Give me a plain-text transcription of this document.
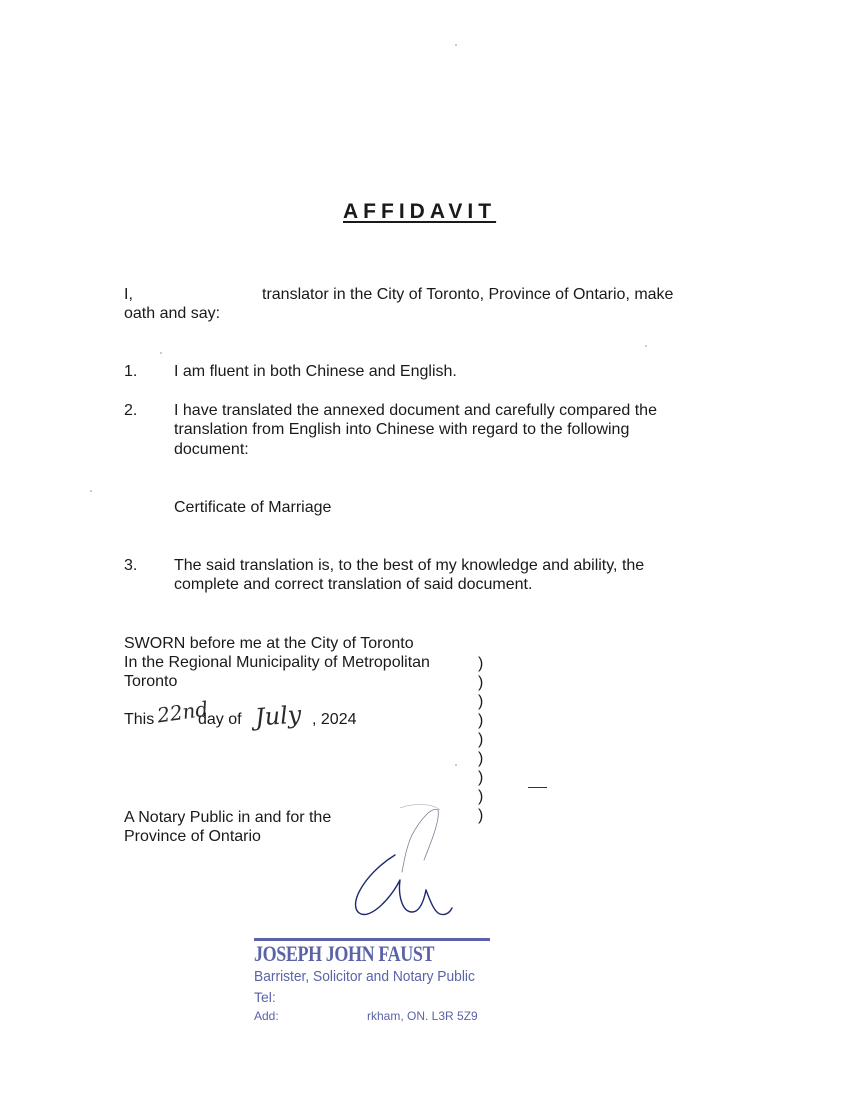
AFFIDAVIT
I,	translator in the City of Toronto, Province of Ontario, make
oath and say:
1. I am fluent in both Chinese and English.
2. I have translated the annexed document and carefully compared the
translation from English into Chinese with regard to the following
document:
Certificate of Marriage
3. The said translation is, to the best of my knowledge and ability, the
complete and correct translation of said document.
SWORN before me at the City of Toronto
In the Regional Municipality of Metropolitan
Toronto
This 22nd
day of July , 2024
)
)
)
)
)
)
)
)
)
A Notary Public in and for the
Province of Ontario
JOSEPH JOHN FAUST
Barrister, Solicitor and Notary Public
Tel:
Add:	rkham, ON. L3R 5Z9
